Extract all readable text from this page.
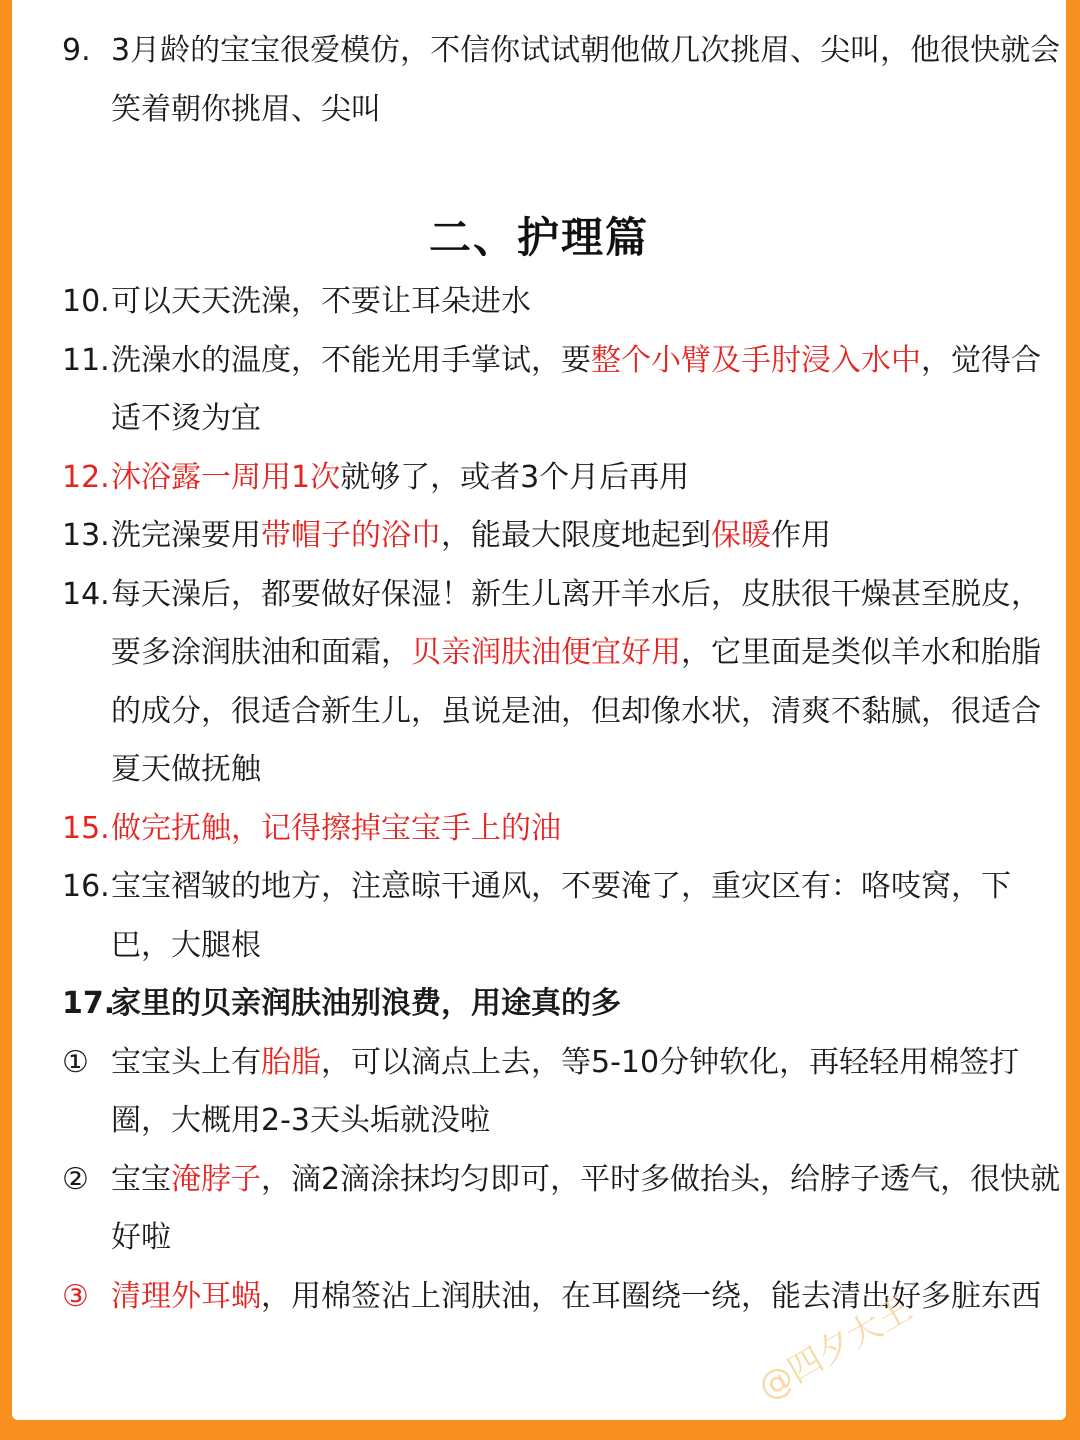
9. 3月龄的宝宝很爱模仿，不信你试试朝他做几次挑眉、尖叫，他很快就会笑着朝你挑眉、尖叫
二、护理篇
10. 可以天天洗澡，不要让耳朵进水
11. 洗澡水的温度，不能光用手掌试，要整个小臂及手肘浸入水中，觉得合适不烫为宜
12. 沐浴露一周用1次就够了，或者3个月后再用
13. 洗完澡要用带帽子的浴巾，能最大限度地起到保暖作用
14. 每天澡后，都要做好保湿！新生儿离开羊水后，皮肤很干燥甚至脱皮，要多涂润肤油和面霜，贝亲润肤油便宜好用，它里面是类似羊水和胎脂的成分，很适合新生儿，虽说是油，但却像水状，清爽不黏腻，很适合夏天做抚触
15. 做完抚触，记得擦掉宝宝手上的油
16. 宝宝褶皱的地方，注意晾干通风，不要淹了，重灾区有：咯吱窝，下巴，大腿根
17.
家里的贝亲润肤油别浪费，用途真的多
① 宝宝头上有胎脂，可以滴点上去，等5-10分钟软化，再轻轻用棉签打圈，大概用2-3天头垢就没啦
② 宝宝淹脖子，滴2滴涂抹均匀即可，平时多做抬头，给脖子透气，很快就好啦
③ 清理外耳蜗，用棉签沾上润肤油，在耳圈绕一绕，能去清出好多脏东西
@四夕大王
